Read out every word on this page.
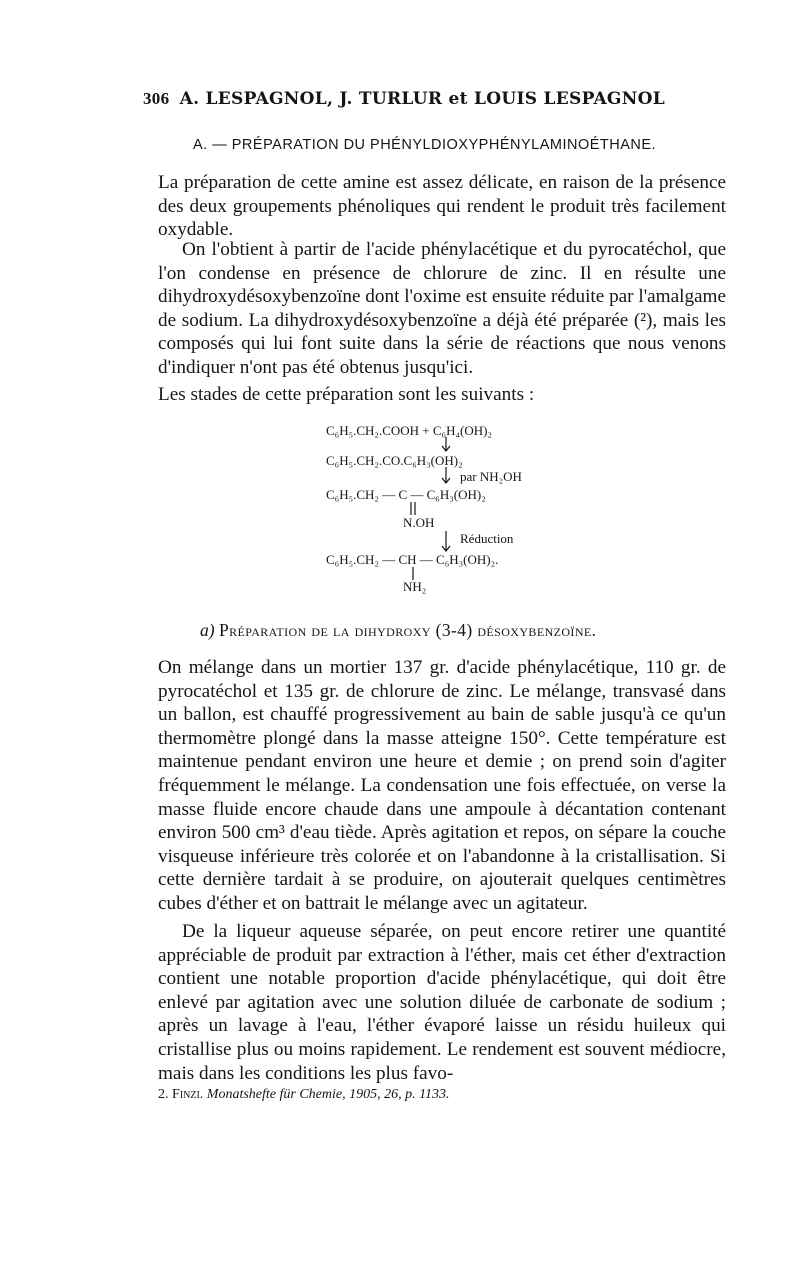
306 A. LESPAGNOL, J. TURLUR et LOUIS LESPAGNOL
A. — PRÉPARATION DU PHÉNYLDIOXYPHÉNYLAMINOÉTHANE.
La préparation de cette amine est assez délicate, en raison de la présence des deux groupements phénoliques qui rendent le produit très facilement oxydable.
On l'obtient à partir de l'acide phénylacétique et du pyrocatéchol, que l'on condense en présence de chlorure de zinc. Il en résulte une dihydroxydésoxybenzoïne dont l'oxime est ensuite réduite par l'amalgame de sodium. La dihydroxydésoxybenzoïne a déjà été préparée (²), mais les composés qui lui font suite dans la série de réactions que nous venons d'indiquer n'ont pas été obtenus jusqu'ici.
Les stades de cette préparation sont les suivants :
C₆H₅.CH₂.COOH + C₆H₄(OH)₂
C₆H₅.CH₂.CO.C₆H₃(OH)₂
par NH₂OH
C₆H₅.CH₂ — C — C₆H₃(OH)₂
N.OH
Réduction
C₆H₅.CH₂ — CH — C₆H₃(OH)₂.
NH₂
a) Préparation de la dihydroxy (3-4) désoxybenzoïne.
On mélange dans un mortier 137 gr. d'acide phénylacétique, 110 gr. de pyrocatéchol et 135 gr. de chlorure de zinc. Le mélange, transvasé dans un ballon, est chauffé progressivement au bain de sable jusqu'à ce qu'un thermomètre plongé dans la masse atteigne 150°. Cette température est maintenue pendant environ une heure et demie ; on prend soin d'agiter fréquemment le mélange. La condensation une fois effectuée, on verse la masse fluide encore chaude dans une ampoule à décantation contenant environ 500 cm³ d'eau tiède. Après agitation et repos, on sépare la couche visqueuse inférieure très colorée et on l'abandonne à la cristallisation. Si cette dernière tardait à se produire, on ajouterait quelques centimètres cubes d'éther et on battrait le mélange avec un agitateur.
De la liqueur aqueuse séparée, on peut encore retirer une quantité appréciable de produit par extraction à l'éther, mais cet éther d'extraction contient une notable proportion d'acide phénylacétique, qui doit être enlevé par agitation avec une solution diluée de carbonate de sodium ; après un lavage à l'eau, l'éther évaporé laisse un résidu huileux qui cristallise plus ou moins rapidement. Le rendement est souvent médiocre, mais dans les conditions les plus favo-
2. Finzi. Monatshefte für Chemie, 1905, 26, p. 1133.
